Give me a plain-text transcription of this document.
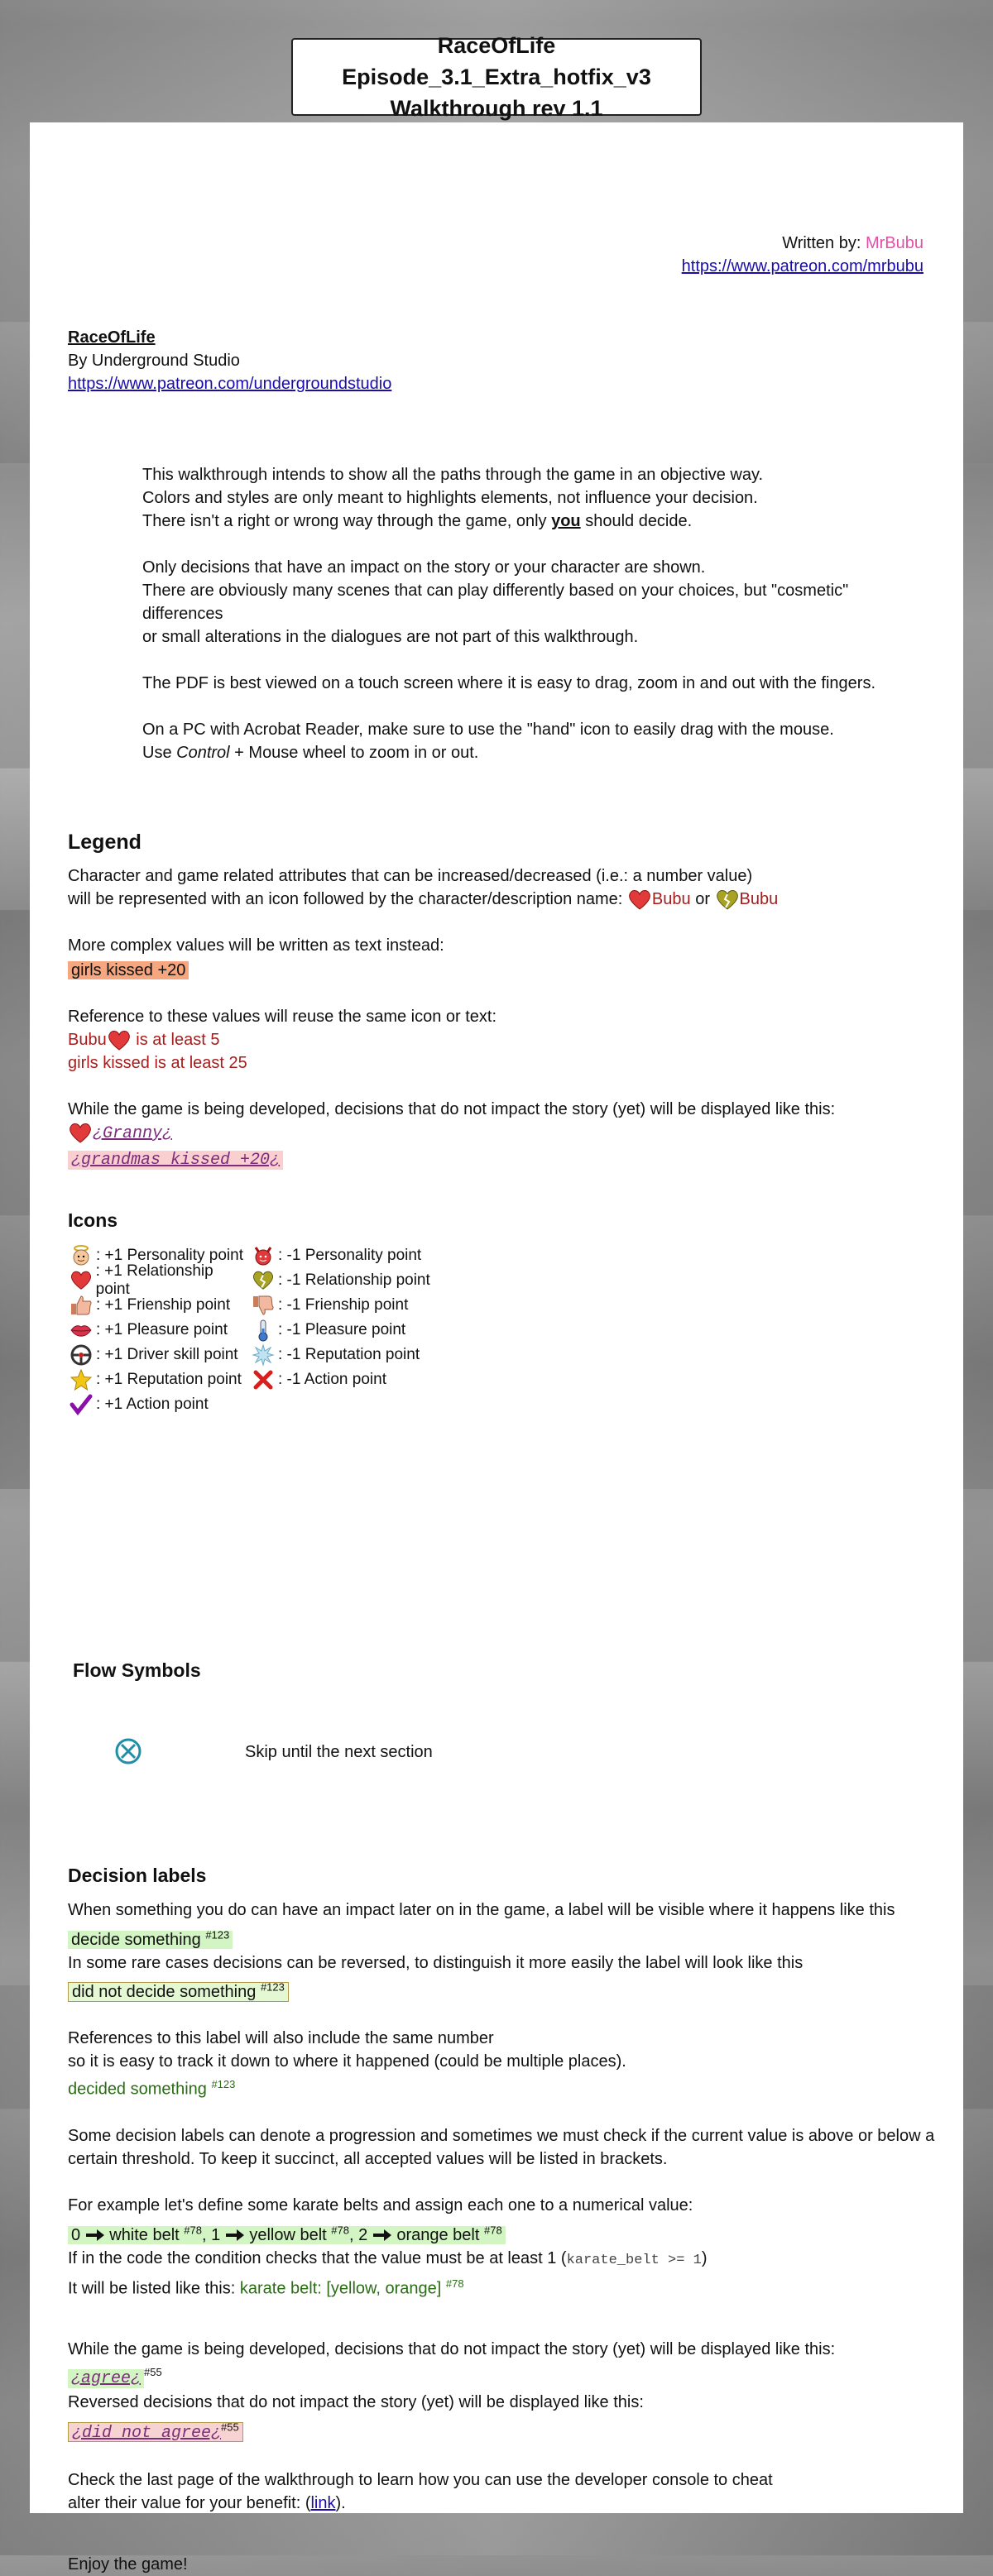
RaceOfLife Episode_3.1_Extra_hotfix_v3
Walkthrough rev 1.1
Written by: MrBubu
https://www.patreon.com/mrbubu
RaceOfLife
By Underground Studio
https://www.patreon.com/undergroundstudio
This walkthrough intends to show all the paths through the game in an objective way.
Colors and styles are only meant to highlights elements, not influence your decision.
There isn't a right or wrong way through the game, only you should decide.
Only decisions that have an impact on the story or your character are shown.
There are obviously many scenes that can play differently based on your choices, but "cosmetic" differences
or small alterations in the dialogues are not part of this walkthrough.
The PDF is best viewed on a touch screen where it is easy to drag, zoom in and out with the fingers.
On a PC with Acrobat Reader, make sure to use the "hand" icon to easily drag with the mouse.
Use Control + Mouse wheel to zoom in or out.
Legend
Character and game related attributes that can be increased/decreased (i.e.: a number value)
will be represented with an icon followed by the character/description name: Bubu or Bubu
More complex values will be written as text instead:
girls kissed +20
Reference to these values will reuse the same icon or text:
Bubu is at least 5
girls kissed is at least 25
While the game is being developed, decisions that do not impact the story (yet) will be displayed like this:
¿Granny¿
¿grandmas kissed +20¿
Icons
: +1 Personality point
: +1 Relationship point
: +1 Frienship point
: +1 Pleasure point
: +1 Driver skill point
: +1 Reputation point
: +1 Action point
: -1 Personality point
: -1 Relationship point
: -1 Frienship point
: -1 Pleasure point
: -1 Reputation point
: -1 Action point
Flow Symbols
Skip until the next section
Decision labels
When something you do can have an impact later on in the game, a label will be visible where it happens like this
decide something $^{\#123}$
In some rare cases decisions can be reversed, to distinguish it more easily the label will look like this
did not decide something $^{\#123}$
References to this label will also include the same number
so it is easy to track it down to where it happened (could be multiple places).
decided something $^{\#123}$
Some decision labels can denote a progression and sometimes we must check if the current value is above or below a
certain threshold. To keep it succinct, all accepted values will be listed in brackets.
For example let's define some karate belts and assign each one to a numerical value:
0  white belt $^{\#78}$, 1  yellow belt $^{\#78}$, 2  orange belt $^{\#78}$
If in the code the condition checks that the value must be at least 1 (karate_belt >= 1)
It will be listed like this: karate belt: [yellow, orange] $^{\#78}$
While the game is being developed, decisions that do not impact the story (yet) will be displayed like this:
¿agree¿ $^{\#55}$
Reversed decisions that do not impact the story (yet) will be displayed like this:
¿did not agree¿$^{\#55}$
Check the last page of the walkthrough to learn how you can use the developer console to cheat
alter their value for your benefit: (link).
Enjoy the game!
